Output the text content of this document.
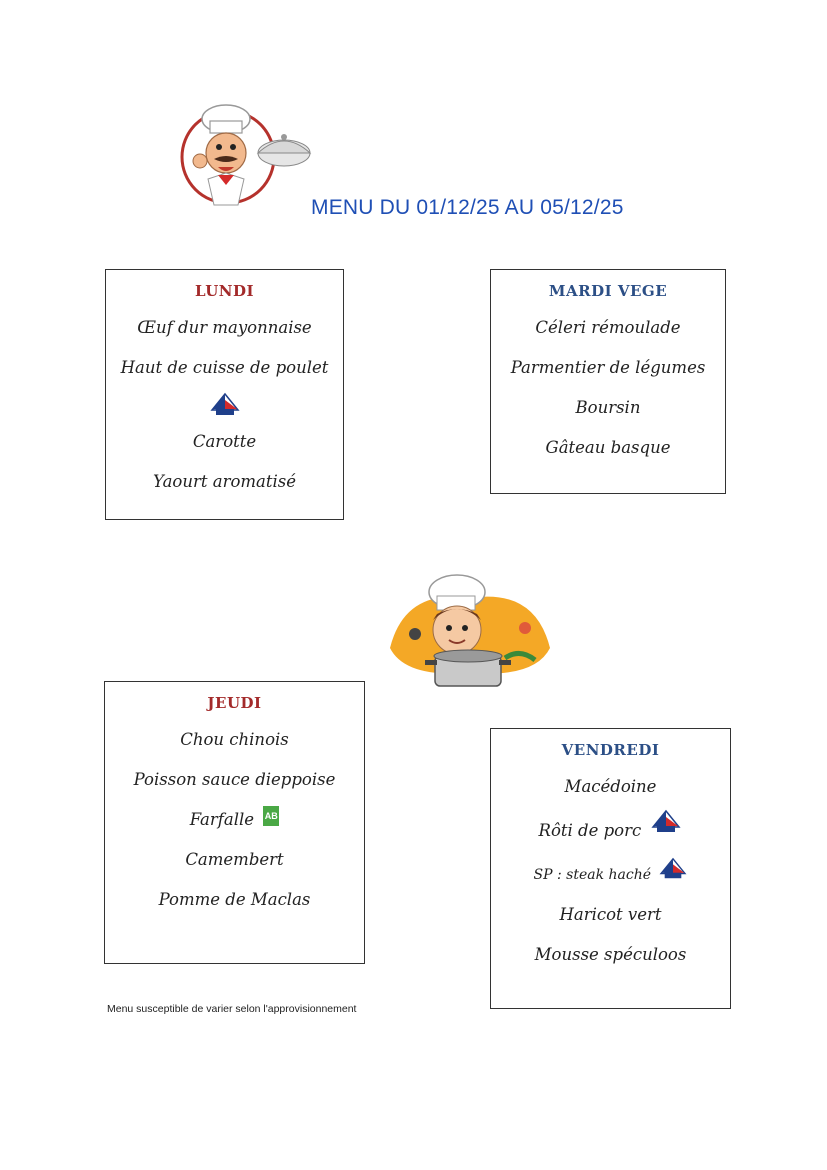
MENU DU 01/12/25 AU 05/12/25
LUNDI
Œuf dur mayonnaise
Haut de cuisse de poulet
Carotte
Yaourt aromatisé
MARDI VEGE
Céleri rémoulade
Parmentier de légumes
Boursin
Gâteau basque
JEUDI
Chou chinois
Poisson sauce dieppoise
Farfalle AB
Camembert
Pomme de Maclas
VENDREDI
Macédoine
Rôti de porc
SP : steak haché
Haricot vert
Mousse spéculoos
Menu susceptible de varier selon l'approvisionnement
